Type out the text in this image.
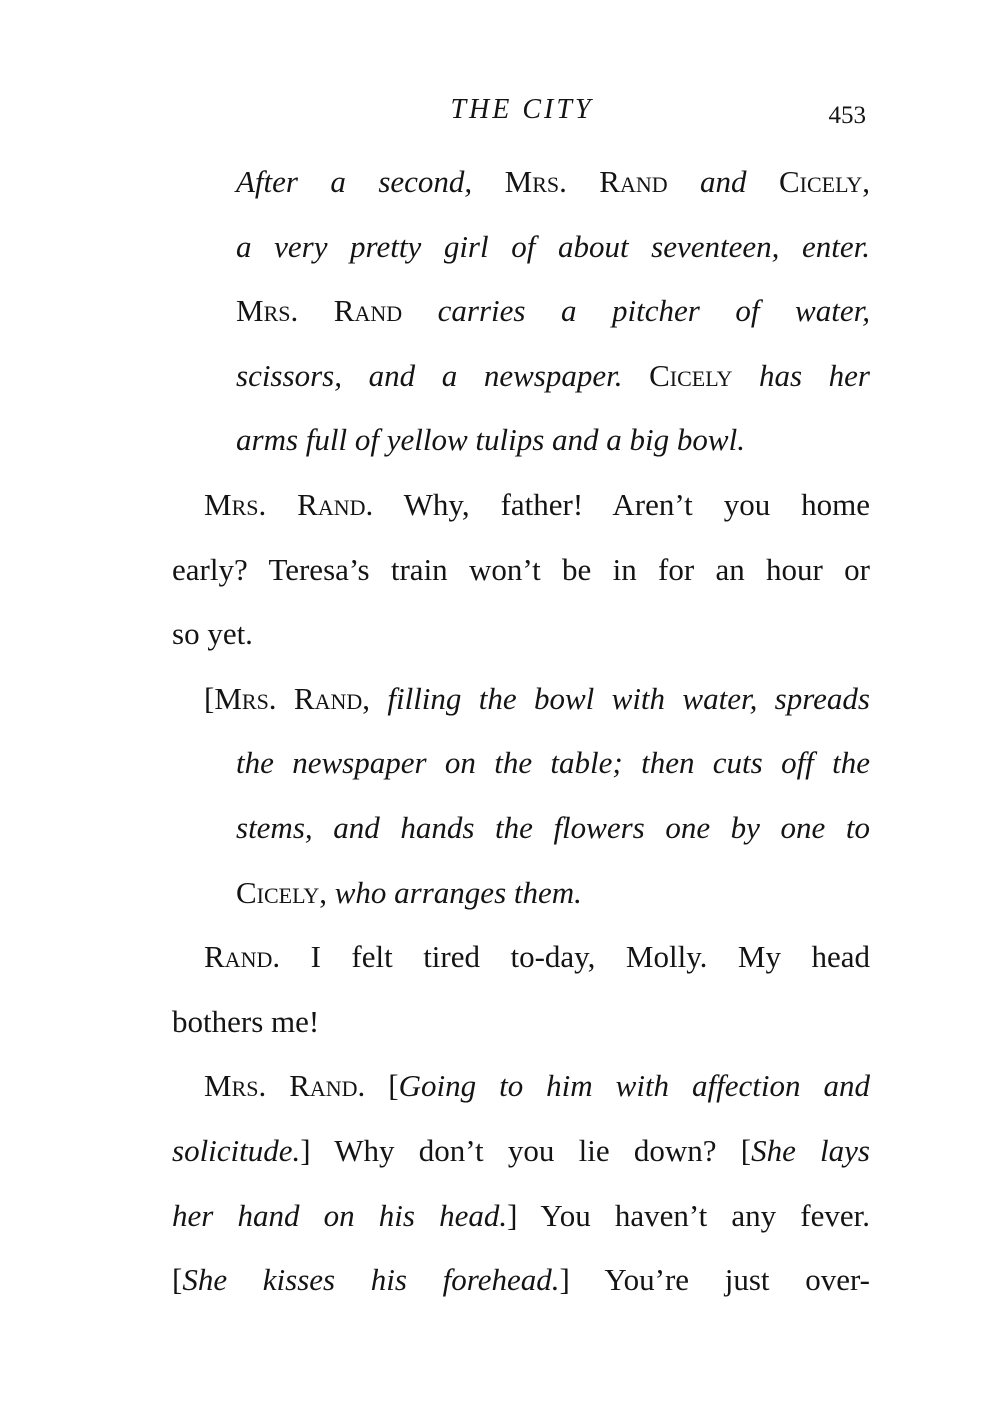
THE CITY	453
After a second, Mrs. Rand and Cicely,
a very pretty girl of about seventeen, enter.
Mrs. Rand carries a pitcher of water,
scissors, and a newspaper. Cicely has her
arms full of yellow tulips and a big bowl.
Mrs. Rand. Why, father! Aren’t you home
early? Teresa’s train won’t be in for an hour or
so yet.
[Mrs. Rand, filling the bowl with water, spreads
the newspaper on the table; then cuts off the
stems, and hands the flowers one by one to
Cicely, who arranges them.
Rand. I felt tired to-day, Molly. My head
bothers me!
Mrs. Rand. [Going to him with affection and
solicitude.] Why don’t you lie down? [She lays
her hand on his head.] You haven’t any fever.
[She kisses his forehead.] You’re just over-
